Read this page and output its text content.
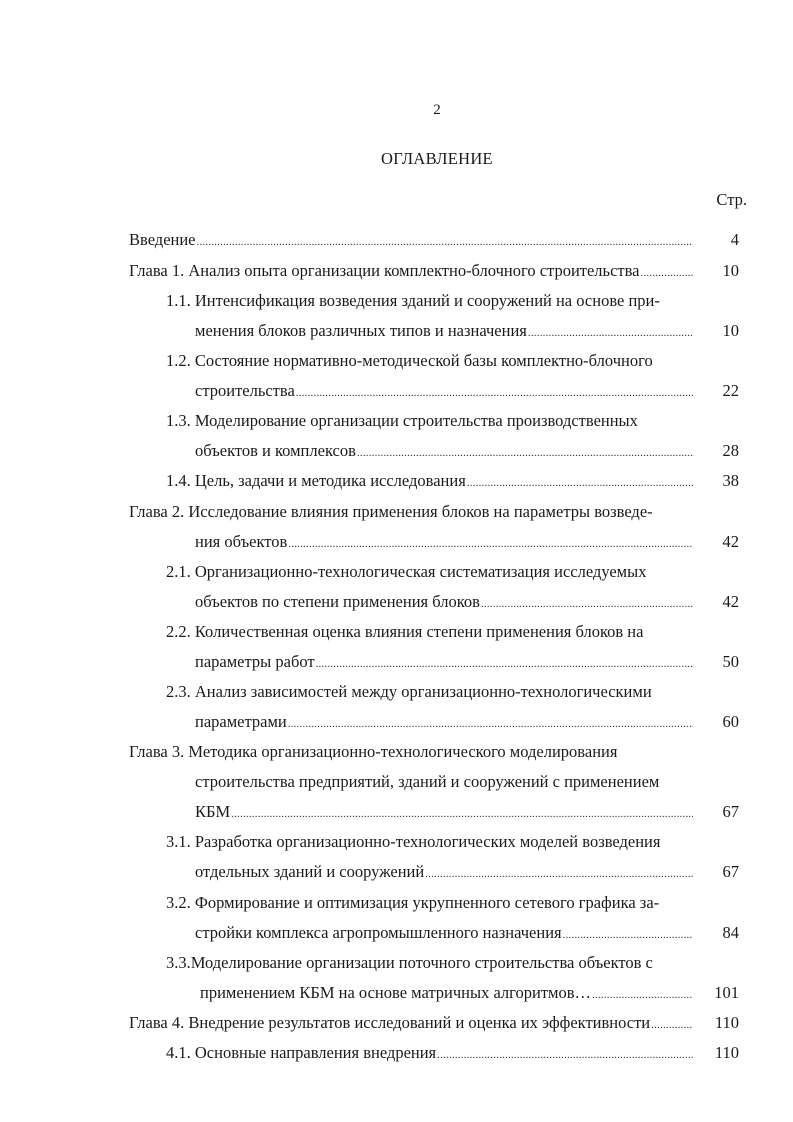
2
ОГЛАВЛЕНИЕ
Стр.
Введение .....	4
Глава 1. Анализ опыта организации комплектно-блочного строительства .....	10
1.1. Интенсификация возведения зданий и сооружений на основе при-
менения блоков различных типов и назначения .....	10
1.2. Состояние нормативно-методической базы комплектно-блочного
строительства .....	22
1.3. Моделирование организации строительства производственных
объектов и комплексов .....	28
1.4. Цель, задачи и методика исследования .....	38
Глава 2. Исследование влияния применения блоков на параметры возведе-
ния объектов .....	42
2.1. Организационно-технологическая систематизация исследуемых
объектов по степени применения блоков .....	42
2.2. Количественная оценка влияния степени применения блоков на
параметры работ .....	50
2.3. Анализ зависимостей между организационно-технологическими
параметрами .....	60
Глава 3. Методика организационно-технологического моделирования
строительства предприятий, зданий и сооружений с применением
КБМ .....	67
3.1. Разработка организационно-технологических моделей возведения
отдельных зданий и сооружений .....	67
3.2. Формирование и оптимизация укрупненного сетевого графика за-
стройки комплекса агропромышленного назначения .....	84
3.3.Моделирование организации поточного строительства объектов с
применением КБМ на основе матричных алгоритмов… .....	101
Глава 4. Внедрение результатов исследований и оценка их эффективности .....	110
4.1. Основные направления внедрения .....	110
